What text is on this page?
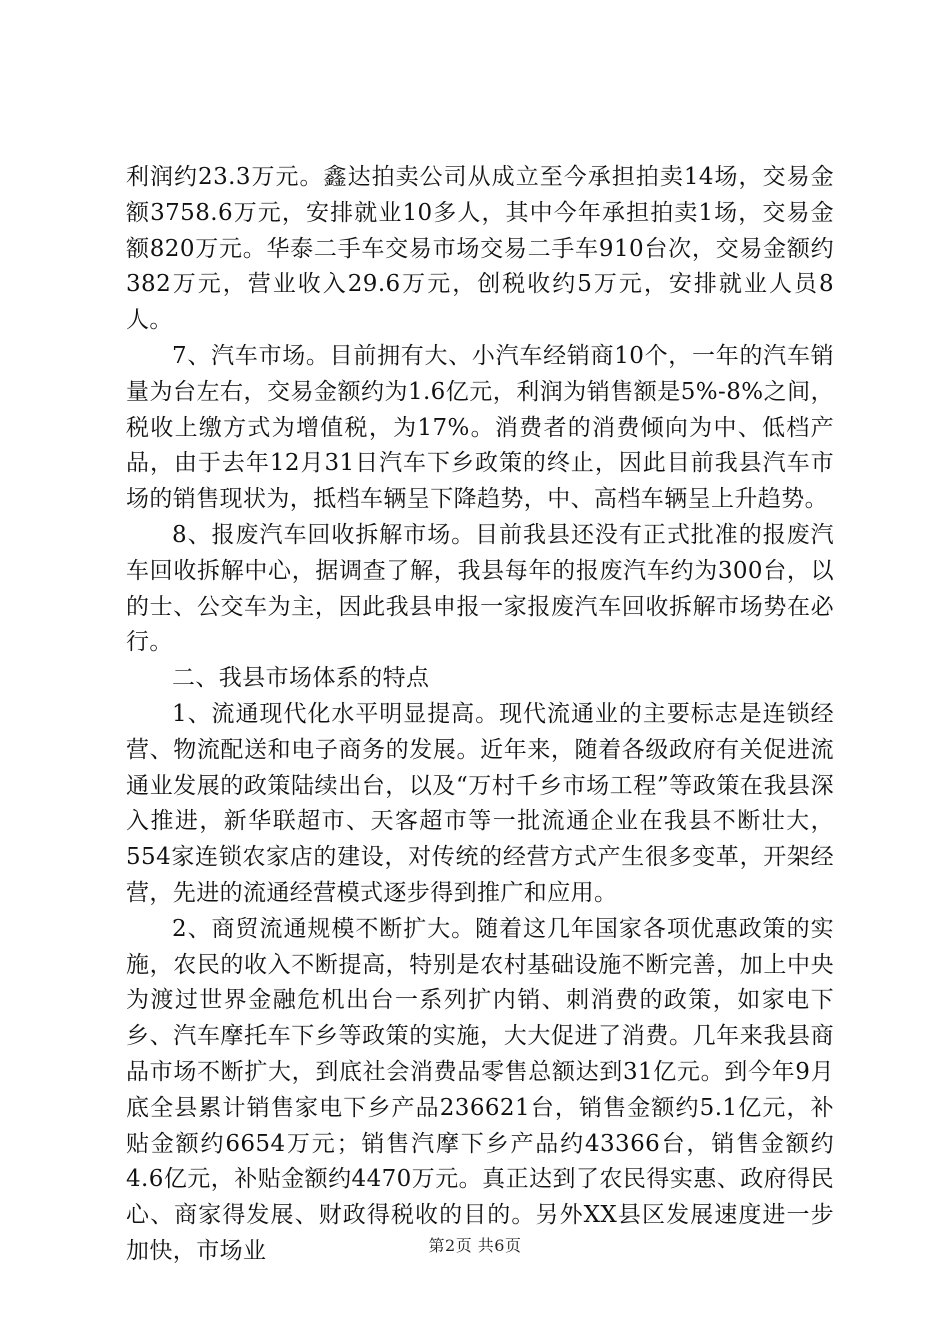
利润约23.3万元。鑫达拍卖公司从成立至今承担拍卖14场，交易金额3758.6万元，安排就业10多人，其中今年承担拍卖1场，交易金额820万元。华泰二手车交易市场交易二手车910台次，交易金额约382万元，营业收入29.6万元，创税收约5万元，安排就业人员8人。

7、汽车市场。目前拥有大、小汽车经销商10个，一年的汽车销量为台左右，交易金额约为1.6亿元，利润为销售额是5%-8%之间，税收上缴方式为增值税，为17%。消费者的消费倾向为中、低档产品，由于去年12月31日汽车下乡政策的终止，因此目前我县汽车市场的销售现状为，抵档车辆呈下降趋势，中、高档车辆呈上升趋势。

8、报废汽车回收拆解市场。目前我县还没有正式批准的报废汽车回收拆解中心，据调查了解，我县每年的报废汽车约为300台，以的士、公交车为主，因此我县申报一家报废汽车回收拆解市场势在必行。

二、我县市场体系的特点

1、流通现代化水平明显提高。现代流通业的主要标志是连锁经营、物流配送和电子商务的发展。近年来，随着各级政府有关促进流通业发展的政策陆续出台，以及“万村千乡市场工程”等政策在我县深入推进，新华联超市、天客超市等一批流通企业在我县不断壮大，554家连锁农家店的建设，对传统的经营方式产生很多变革，开架经营，先进的流通经营模式逐步得到推广和应用。

2、商贸流通规模不断扩大。随着这几年国家各项优惠政策的实施，农民的收入不断提高，特别是农村基础设施不断完善，加上中央为渡过世界金融危机出台一系列扩内销、刺消费的政策，如家电下乡、汽车摩托车下乡等政策的实施，大大促进了消费。几年来我县商品市场不断扩大，到底社会消费品零售总额达到31亿元。到今年9月底全县累计销售家电下乡产品236621台，销售金额约5.1亿元，补贴金额约6654万元；销售汽摩下乡产品约43366台，销售金额约4.6亿元，补贴金额约4470万元。真正达到了农民得实惠、政府得民心、商家得发展、财政得税收的目的。另外XX县区发展速度进一步加快，市场业	第2页 共6页
